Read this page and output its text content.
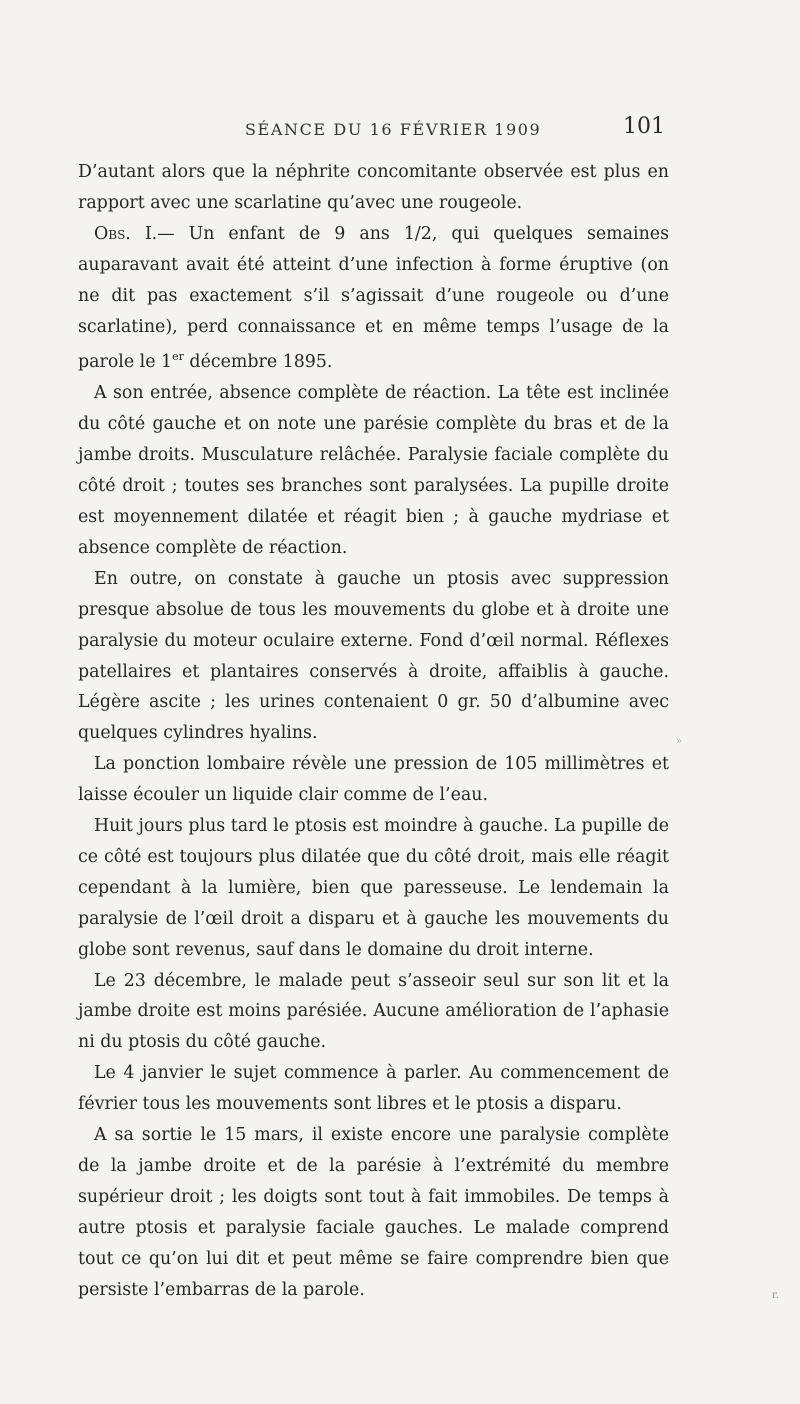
SÉANCE DU 16 FÉVRIER 1909	101

D’autant alors que la néphrite concomitante observée est plus en rapport avec une scarlatine qu’avec une rougeole.

Obs. I.— Un enfant de 9 ans 1/2, qui quelques semaines auparavant avait été atteint d’une infection à forme éruptive (on ne dit pas exactement s’il s’agissait d’une rougeole ou d’une scarlatine), perd connaissance et en même temps l’usage de la parole le 1er décembre 1895.

A son entrée, absence complète de réaction. La tête est inclinée du côté gauche et on note une parésie complète du bras et de la jambe droits. Musculature relâchée. Paralysie faciale complète du côté droit ; toutes ses branches sont paralysées. La pupille droite est moyennement dilatée et réagit bien ; à gauche mydriase et absence complète de réaction.

En outre, on constate à gauche un ptosis avec suppression presque absolue de tous les mouvements du globe et à droite une paralysie du moteur oculaire externe. Fond d’œil normal. Réflexes patellaires et plantaires conservés à droite, affaiblis à gauche. Légère ascite ; les urines contenaient 0 gr. 50 d’albumine avec quelques cylindres hyalins.

La ponction lombaire révèle une pression de 105 millimètres et laisse écouler un liquide clair comme de l’eau.

Huit jours plus tard le ptosis est moindre à gauche. La pupille de ce côté est toujours plus dilatée que du côté droit, mais elle réagit cependant à la lumière, bien que paresseuse. Le lendemain la paralysie de l’œil droit a disparu et à gauche les mouvements du globe sont revenus, sauf dans le domaine du droit interne.

Le 23 décembre, le malade peut s’asseoir seul sur son lit et la jambe droite est moins parésiée. Aucune amélioration de l’aphasie ni du ptosis du côté gauche.

Le 4 janvier le sujet commence à parler. Au commencement de février tous les mouvements sont libres et le ptosis a disparu.

A sa sortie le 15 mars, il existe encore une paralysie complète de la jambe droite et de la parésie à l’extrémité du membre supérieur droit ; les doigts sont tout à fait immobiles. De temps à autre ptosis et paralysie faciale gauches. Le malade comprend tout ce qu’on lui dit et peut même se faire comprendre bien que persiste l’embarras de la parole.

»
r.
